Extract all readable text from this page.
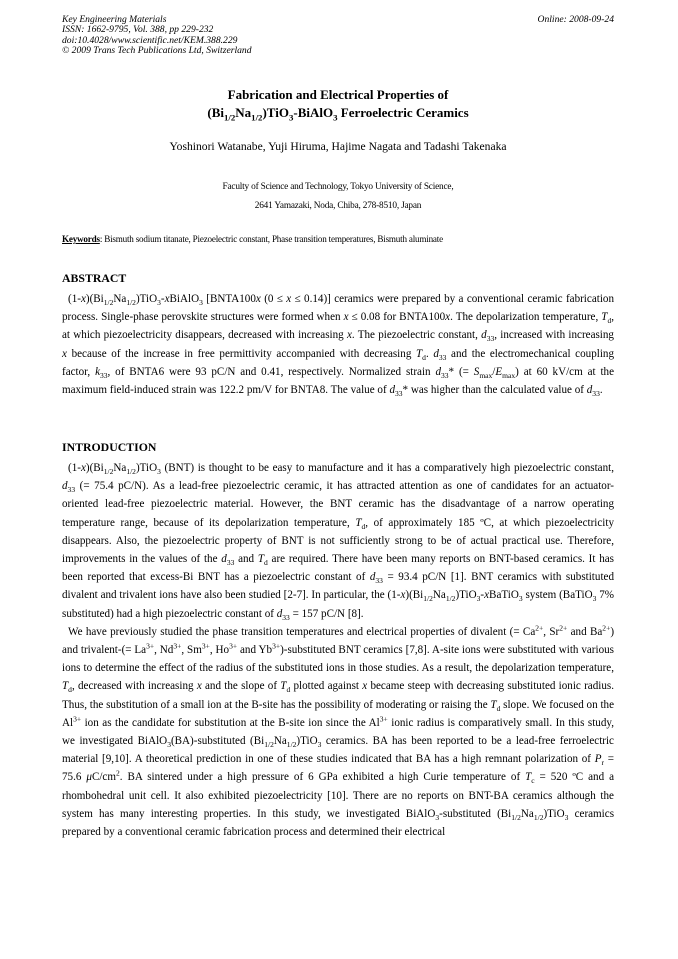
Key Engineering Materials
ISSN: 1662-9795, Vol. 388, pp 229-232
doi:10.4028/www.scientific.net/KEM.388.229
© 2009 Trans Tech Publications Ltd, Switzerland
Online: 2008-09-24
Fabrication and Electrical Properties of
$(Bi_{1/2}Na_{1/2})TiO_3-BiAlO_3$ Ferroelectric Ceramics
Yoshinori Watanabe, Yuji Hiruma, Hajime Nagata and Tadashi Takenaka
Faculty of Science and Technology, Tokyo University of Science,
2641 Yamazaki, Noda, Chiba, 278-8510, Japan
Keywords: Bismuth sodium titanate, Piezoelectric constant, Phase transition temperatures, Bismuth aluminate
ABSTRACT

$(1-x)(Bi_{1/2}Na_{1/2})TiO_3-xBiAlO_3$ [BNTA100x (0 ≤ x ≤ 0.14)] ceramics were prepared by a conventional ceramic fabrication process. Single-phase perovskite structures were formed when x ≤ 0.08 for BNTA100x. The depolarization temperature, $T_d$, at which piezoelectricity disappears, decreased with increasing x. The piezoelectric constant, $d_{33}$, increased with increasing x because of the increase in free permittivity accompanied with decreasing $T_d$. $d_{33}$ and the electromechanical coupling factor, $k_{33}$, of BNTA6 were 93 pC/N and 0.41, respectively. Normalized strain $d_{33}*$ (= $S_{max}/E_{max}$) at 60 kV/cm at the maximum field-induced strain was 122.2 pm/V for BNTA8. The value of $d_{33}*$ was higher than the calculated value of $d_{33}$.

INTRODUCTION

$(1-x)(Bi_{1/2}Na_{1/2})TiO_3$ (BNT) is thought to be easy to manufacture and it has a comparatively high piezoelectric constant, $d_{33}$ (= 75.4 pC/N). As a lead-free piezoelectric ceramic, it has attracted attention as one of candidates for an actuator-oriented lead-free piezoelectric material. However, the BNT ceramic has the disadvantage of a narrow operating temperature range, because of its depolarization temperature, $T_d$, of approximately 185 ºC, at which piezoelectricity disappears. Also, the piezoelectric property of BNT is not sufficiently strong to be of actual practical use. Therefore, improvements in the values of the $d_{33}$ and $T_d$ are required. There have been many reports on BNT-based ceramics. It has been reported that excess-Bi BNT has a piezoelectric constant of $d_{33} = 93.4$ pC/N [1]. BNT ceramics with substituted divalent and trivalent ions have also been studied [2-7]. In particular, the $(1-x)(Bi_{1/2}Na_{1/2})TiO_3-xBaTiO_3$ system (BaTiO$_3$ 7% substituted) had a high piezoelectric constant of $d_{33} = 157$ pC/N [8].

We have previously studied the phase transition temperatures and electrical properties of divalent (= $Ca^{2+}$, $Sr^{2+}$ and $Ba^{2+}$) and trivalent-(= $La^{3+}$, $Nd^{3+}$, $Sm^{3+}$, $Ho^{3+}$ and $Yb^{3+}$)-substituted BNT ceramics [7,8]. A-site ions were substituted with various ions to determine the effect of the radius of the substituted ions in those studies. As a result, the depolarization temperature, $T_d$, decreased with increasing x and the slope of $T_d$ plotted against x became steep with decreasing substituted ionic radius. Thus, the substitution of a small ion at the B-site has the possibility of moderating or raising the $T_d$ slope. We focused on the $Al^{3+}$ ion as the candidate for substitution at the B-site ion since the $Al^{3+}$ ionic radius is comparatively small. In this study, we investigated BiAlO$_3$(BA)-substituted $(Bi_{1/2}Na_{1/2})TiO_3$ ceramics. BA has been reported to be a lead-free ferroelectric material [9,10]. A theoretical prediction in one of these studies indicated that BA has a high remnant polarization of $P_r = 75.6$ $\mu C/cm^2$. BA sintered under a high pressure of 6 GPa exhibited a high Curie temperature of $T_c = 520$ ºC and a rhombohedral unit cell. It also exhibited piezoelectricity [10]. There are no reports on BNT-BA ceramics although the system has many interesting properties. In this study, we investigated BiAlO$_3$-substituted $(Bi_{1/2}Na_{1/2})TiO_3$ ceramics prepared by a conventional ceramic fabrication process and determined their electrical
